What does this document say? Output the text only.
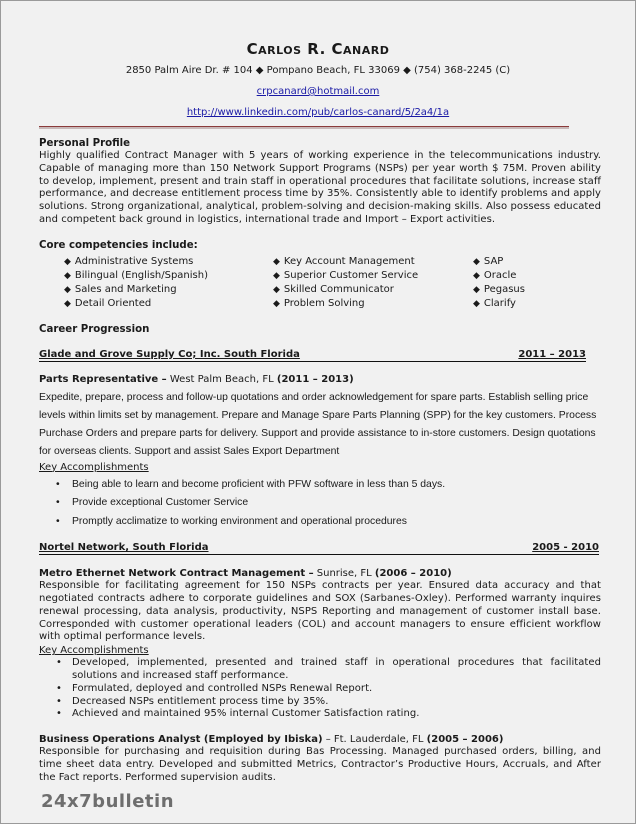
Carlos R. Canard
2850 Palm Aire Dr. # 104 ◆ Pompano Beach, FL 33069 ◆ (754) 368-2245 (C)
crpcanard@hotmail.com
http://www.linkedin.com/pub/carlos-canard/5/2a4/1a
Personal Profile
Highly qualified Contract Manager with 5 years of working experience in the telecommunications industry. Capable of managing more than 150 Network Support Programs (NSPs) per year worth $ 75M. Proven ability to develop, implement, present and train staff in operational procedures that facilitate solutions, increase staff performance, and decrease entitlement process time by 35%. Consistently able to identify problems and apply solutions. Strong organizational, analytical, problem-solving and decision-making skills. Also possess educated and competent back ground in logistics, international trade and Import – Export activities.
Core competencies include:
◆ Administrative Systems
◆ Bilingual (English/Spanish)
◆ Sales and Marketing
◆ Detail Oriented
◆ Key Account Management
◆ Superior Customer Service
◆ Skilled Communicator
◆ Problem Solving
◆ SAP
◆ Oracle
◆ Pegasus
◆ Clarify
Career Progression
Glade and Grove Supply Co; Inc. South Florida	2011 – 2013
Parts Representative – West Palm Beach, FL (2011 – 2013)
Expedite, prepare, process and follow-up quotations and order acknowledgement for spare parts. Establish selling price levels within limits set by management. Prepare and Manage Spare Parts Planning (SPP) for the key customers. Process Purchase Orders and prepare parts for delivery. Support and provide assistance to in-store customers. Design quotations for overseas clients. Support and assist Sales Export Department
Key Accomplishments
• Being able to learn and become proficient with PFW software in less than 5 days.
• Provide exceptional Customer Service
• Promptly acclimatize to working environment and operational procedures
Nortel Network, South Florida	2005 - 2010
Metro Ethernet Network Contract Management – Sunrise, FL (2006 – 2010)
Responsible for facilitating agreement for 150 NSPs contracts per year. Ensured data accuracy and that negotiated contracts adhere to corporate guidelines and SOX (Sarbanes-Oxley). Performed warranty inquires renewal processing, data analysis, productivity, NSPS Reporting and management of customer install base. Corresponded with customer operational leaders (COL) and account managers to ensure efficient workflow with optimal performance levels.
Key Accomplishments
• Developed, implemented, presented and trained staff in operational procedures that facilitated solutions and increased staff performance.
• Formulated, deployed and controlled NSPs Renewal Report.
• Decreased NSPs entitlement process time by 35%.
• Achieved and maintained 95% internal Customer Satisfaction rating.
Business Operations Analyst (Employed by Ibiska) – Ft. Lauderdale, FL (2005 – 2006)
Responsible for purchasing and requisition during Bas Processing. Managed purchased orders, billing, and time sheet data entry. Developed and submitted Metrics, Contractor’s Productive Hours, Accruals, and After the Fact reports. Performed supervision audits.
24x7bulletin
